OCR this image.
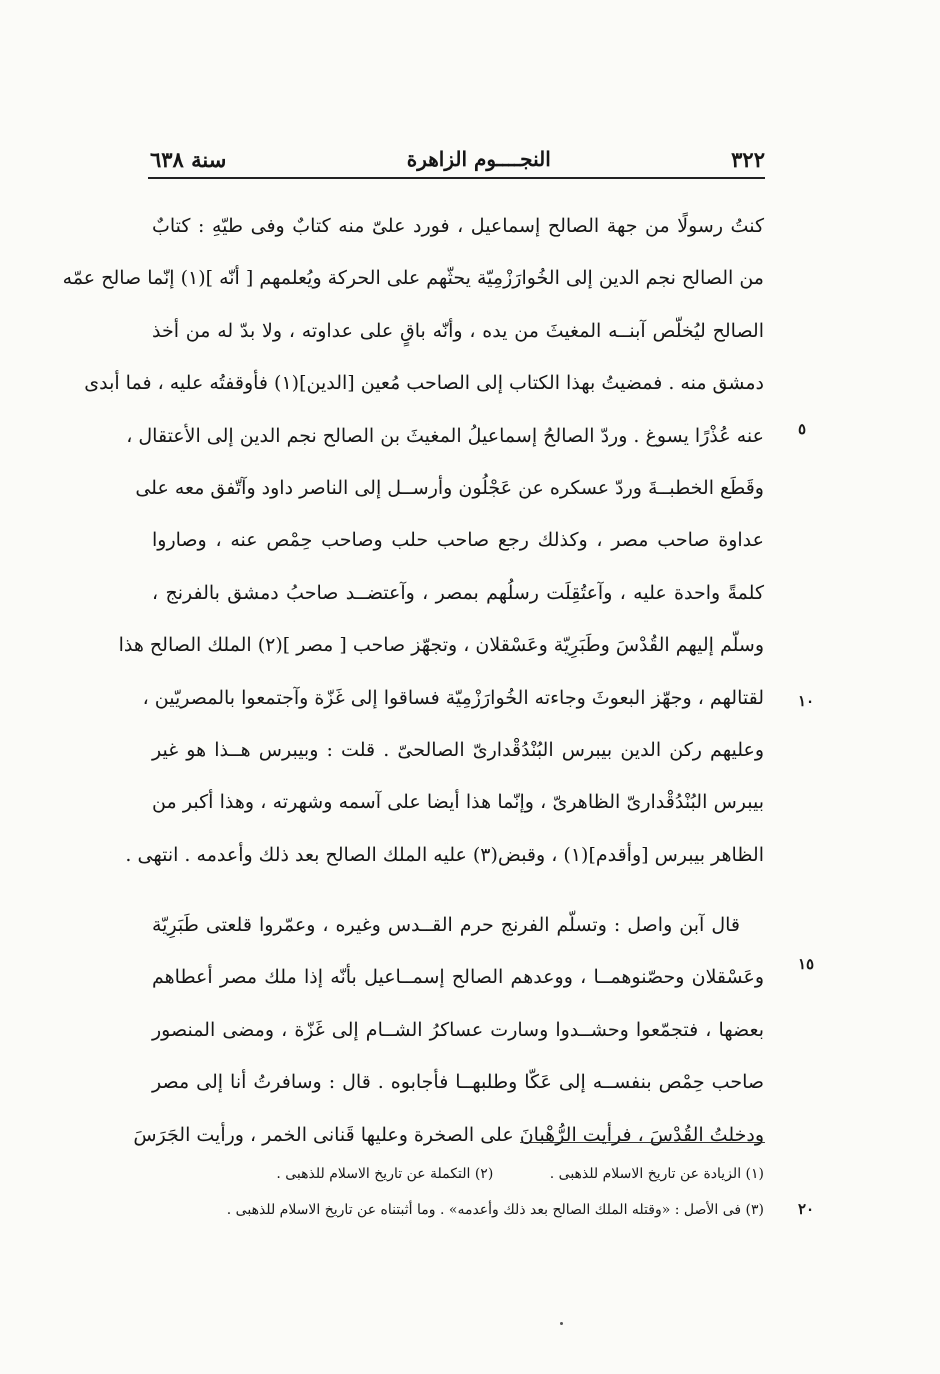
٣٢٢
النجــــوم الزاهرة
سنة ٦٣٨
كنتُ رسولًا من جهة الصالح إسماعيل ، فورد علىّ منه كتابٌ وفى طيّهِ : كتابٌ
من الصالح نجم الدين إلى الخُوارَزْمِيّة يحثّهم على الحركة ويُعلمهم [ أنّه ](١) إنّما صالح عمّه
الصالح ليُخلّص آبنــه المغيثَ من يده ، وأنّه باقٍ على عداوته ، ولا بدّ له من أخذ
دمشق منه . فمضيتُ بهذا الكتاب إلى الصاحب مُعين [الدين](١) فأوقفتُه عليه ، فما أبدى
عنه عُذْرًا يسوغ . وردّ الصالحُ إسماعيلُ المغيثَ بن الصالح نجم الدين إلى الأعتقال ،
وقَطَع الخطبــةَ وردّ عسكره عن عَجْلُون وأرســل إلى الناصر داود وآتّفق معه على
عداوة صاحب مصر ، وكذلك رجع صاحب حلب وصاحب حِمْص عنه ، وصاروا
كلمةً واحدة عليه ، وآعتُقِلَت رسلُهم بمصر ، وآعتضــد صاحبُ دمشق بالفرنج ،
وسلّم إليهم القُدْسَ وطَبَرِيّة وعَسْقلان ، وتجهّز صاحب [ مصر ](٢) الملك الصالح هذا
لقتالهم ، وجهّز البعوثَ وجاءته الخُوارَزْمِيّة فساقوا إلى غَزّة وآجتمعوا بالمصريّين ،
وعليهم ركن الدين بيبرس البُنْدُقْدارىّ الصالحىّ . قلت : وبيبرس هــذا هو غير
بيبرس البُنْدُقْدارىّ الظاهرىّ ، وإنّما هذا أيضا على آسمه وشهرته ، وهذا أكبر من
الظاهر بيبرس [وأقدم](١) ، وقبض(٣) عليه الملك الصالح بعد ذلك وأعدمه . انتهى .
قال آبن واصل : وتسلّم الفرنج حرم القــدس وغيره ، وعمّروا قلعتى طَبَرِيّة
وعَسْقلان وحصّنوهمــا ، ووعدهم الصالح إسمــاعيل بأنّه إذا ملك مصر أعطاهم
بعضها ، فتجمّعوا وحشــدوا وسارت عساكرُ الشــام إلى غَزّة ، ومضى المنصور
صاحب حِمْص بنفســه إلى عَكّا وطلبهــا فأجابوه . قال : وسافرتُ أنا إلى مصر
ودخلتُ القُدْسَ ، فرأيت الرُّهْبانَ على الصخرة وعليها قَنانى الخمر ، ورأيت الجَرَسَ
٥
١٠
١٥
٢٠
(١) الزيادة عن تاريخ الاسلام للذهبى . (٢) التكملة عن تاريخ الاسلام للذهبى .
(٣) فى الأصل : «وقتله الملك الصالح بعد ذلك وأعدمه» . وما أثبتناه عن تاريخ الاسلام للذهبى .
